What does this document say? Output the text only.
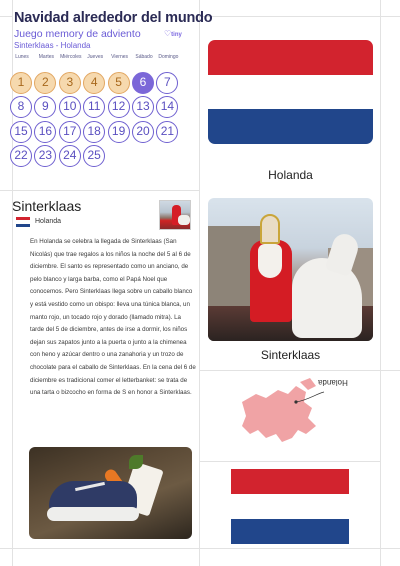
Navidad alrededor del mundo
Juego memory de adviento
Sinterklaas - Holanda
♡tiny
Lunes	Martes	Miércoles	Jueves	Viernes	Sábado	Domingo
1	2	3	4	5	6	7
8	9	10 11 12 13 14
15 16 17 18 19 20 21
22 23 24 25
Sinterklaas
Holanda
En Holanda se celebra la llegada de Sinterklaas (San Nicolás) que trae regalos a los niños la noche del 5 al 6 de diciembre. El santo es representado como un anciano, de pelo blanco y larga barba, como el Papá Noel que conocemos. Pero Sinterklaas llega sobre un caballo blanco y está vestido como un obispo: lleva una túnica blanca, un manto rojo, un tocado rojo y dorado (llamado mitra). La tarde del 5 de diciembre, antes de irse a dormir, los niños dejan sus zapatos junto a la puerta o junto a la chimenea con heno y azúcar dentro o una zanahoria y un trozo de chocolate para el caballo de Sinterklaas. En la cena del 6 de diciembre es tradicional comer el letterbanket: se trata de una tarta o bizcocho en forma de S en honor a Sinterklaas.
Holanda
Sinterklaas
Holanda
